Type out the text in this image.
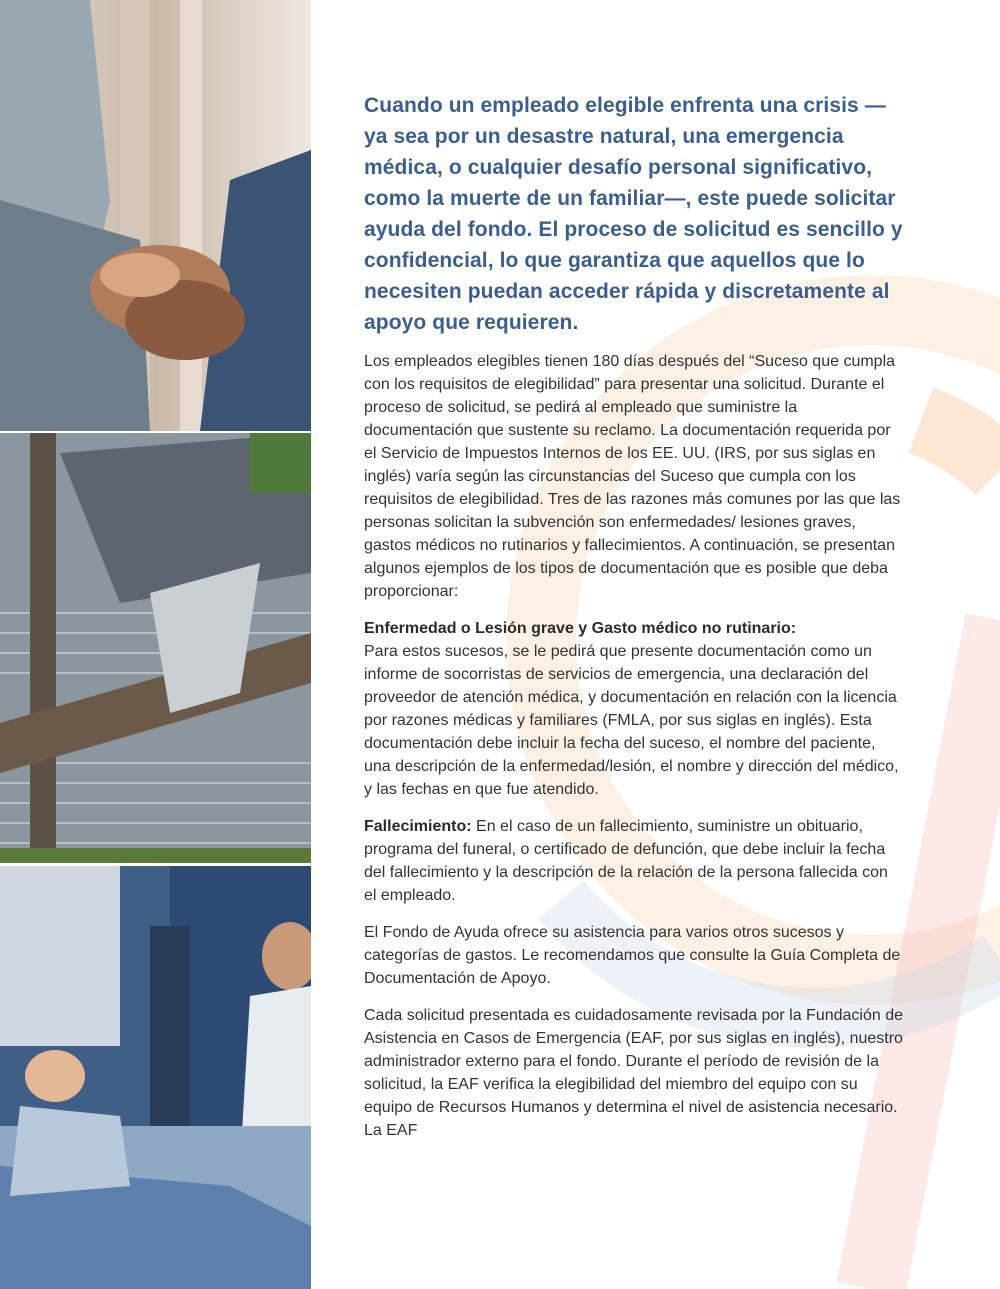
Cuando un empleado elegible enfrenta una crisis —ya sea por un desastre natural, una emergencia médica, o cualquier desafío personal significativo, como la muerte de un familiar—, este puede solicitar ayuda del fondo. El proceso de solicitud es sencillo y confidencial, lo que garantiza que aquellos que lo necesiten puedan acceder rápida y discretamente al apoyo que requieren.

Los empleados elegibles tienen 180 días después del “Suceso que cumpla con los requisitos de elegibilidad” para presentar una solicitud. Durante el proceso de solicitud, se pedirá al empleado que suministre la documentación que sustente su reclamo. La documentación requerida por el Servicio de Impuestos Internos de los EE. UU. (IRS, por sus siglas en inglés) varía según las circunstancias del Suceso que cumpla con los requisitos de elegibilidad. Tres de las razones más comunes por las que las personas solicitan la subvención son enfermedades/ lesiones graves, gastos médicos no rutinarios y fallecimientos. A continuación, se presentan algunos ejemplos de los tipos de documentación que es posible que deba proporcionar:

Enfermedad o Lesión grave y Gasto médico no rutinario:
Para estos sucesos, se le pedirá que presente documentación como un informe de socorristas de servicios de emergencia, una declaración del proveedor de atención médica, y documentación en relación con la licencia por razones médicas y familiares (FMLA, por sus siglas en inglés). Esta documentación debe incluir la fecha del suceso, el nombre del paciente, una descripción de la enfermedad/lesión, el nombre y dirección del médico, y las fechas en que fue atendido.

Fallecimiento: En el caso de un fallecimiento, suministre un obituario, programa del funeral, o certificado de defunción, que debe incluir la fecha del fallecimiento y la descripción de la relación de la persona fallecida con el empleado.

El Fondo de Ayuda ofrece su asistencia para varios otros sucesos y categorías de gastos. Le recomendamos que consulte la Guía Completa de Documentación de Apoyo.

Cada solicitud presentada es cuidadosamente revisada por la Fundación de Asistencia en Casos de Emergencia (EAF, por sus siglas en inglés), nuestro administrador externo para el fondo. Durante el período de revisión de la solicitud, la EAF verifica la elegibilidad del miembro del equipo con su equipo de Recursos Humanos y determina el nivel de asistencia necesario. La EAF
